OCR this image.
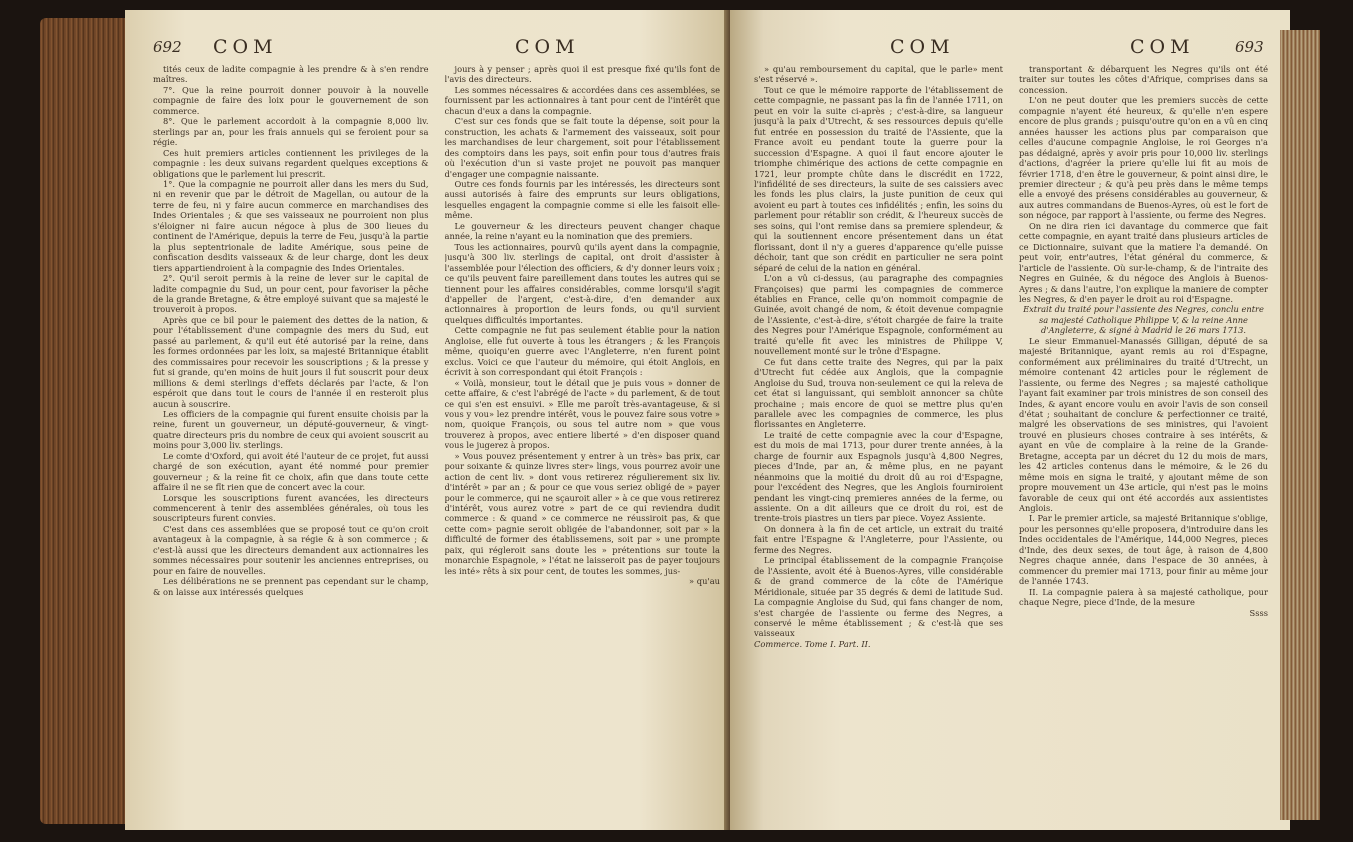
692 COM	COM

tités ceux de ladite compagnie à les prendre & à s'en rendre maîtres.

7°. Que la reine pourroit donner pouvoir à la nouvelle compagnie de faire des loix pour le gouvernement de son commerce.

8°. Que le parlement accordoit à la compagnie 8,000 liv. sterlings par an, pour les frais annuels qui se feroient pour sa régie.

Ces huit premiers articles contiennent les privileges de la compagnie : les deux suivans regardent quelques exceptions & obligations que le parlement lui prescrit.

1°. Que la compagnie ne pourroit aller dans les mers du Sud, ni en revenir que par le détroit de Magellan, ou autour de la terre de feu, ni y faire aucun commerce en marchandises des Indes Orientales ; & que ses vaisseaux ne pourroient non plus s'éloigner ni faire aucun négoce à plus de 300 lieues du continent de l'Amérique, depuis la terre de Feu, jusqu'à la partie la plus septentrionale de ladite Amérique, sous peine de confiscation desdits vaisseaux & de leur charge, dont les deux tiers appartiendroient à la compagnie des Indes Orientales.

2°. Qu'il seroit permis à la reine de lever sur le capital de ladite compagnie du Sud, un pour cent, pour favoriser la pêche de la grande Bretagne, & être employé suivant que sa majesté le trouveroit à propos.

Après que ce bil pour le paiement des dettes de la nation, & pour l'établissement d'une compagnie des mers du Sud, eut passé au parlement, & qu'il eut été autorisé par la reine, dans les formes ordonnées par les loix, sa majesté Britannique établit des commissaires pour recevoir les souscriptions ; & la presse y fut si grande, qu'en moins de huit jours il fut souscrit pour deux millions & demi sterlings d'effets déclarés par l'acte, & l'on espéroit que dans tout le cours de l'année il en resteroit plus aucun à souscrire.

Les officiers de la compagnie qui furent ensuite choisis par la reine, furent un gouverneur, un député-gouverneur, & vingt-quatre directeurs pris du nombre de ceux qui avoient souscrit au moins pour 3,000 liv. sterlings.

Le comte d'Oxford, qui avoit été l'auteur de ce projet, fut aussi chargé de son exécution, ayant été nommé pour premier gouverneur ; & la reine fit ce choix, afin que dans toute cette affaire il ne se fît rien que de concert avec la cour.

Lorsque les souscriptions furent avancées, les directeurs commencerent à tenir des assemblées générales, où tous les souscripteurs furent convies.

C'est dans ces assemblées que se proposé tout ce qu'on croit avantageux à la compagnie, à sa régie & à son commerce ; & c'est-là aussi que les directeurs demandent aux actionnaires les sommes nécessaires pour soutenir les anciennes entreprises, ou pour en faire de nouvelles.

Les délibérations ne se prennent pas cependant sur le champ, & on laisse aux intéressés quelques

jours à y penser ; après quoi il est presque fixé qu'ils font de l'avis des directeurs.

Les sommes nécessaires & accordées dans ces assemblées, se fournissent par les actionnaires à tant pour cent de l'intérêt que chacun d'eux a dans la compagnie.

C'est sur ces fonds que se fait toute la dépense, soit pour la construction, les achats & l'armement des vaisseaux, soit pour les marchandises de leur chargement, soit pour l'établissement des comptoirs dans les pays, soit enfin pour tous d'autres frais où l'exécution d'un si vaste projet ne pouvoit pas manquer d'engager une compagnie naissante.

Outre ces fonds fournis par les intéressés, les directeurs sont aussi autorisés à faire des emprunts sur leurs obligations, lesquelles engagent la compagnie comme si elle les faisoit elle-même.

Le gouverneur & les directeurs peuvent changer chaque année, la reine n'ayant eu la nomination que des premiers.

Tous les actionnaires, pourvû qu'ils ayent dans la compagnie, jusqu'à 300 liv. sterlings de capital, ont droit d'assister à l'assemblée pour l'élection des officiers, & d'y donner leurs voix ; ce qu'ils peuvent faire pareillement dans toutes les autres qui se tiennent pour les affaires considérables, comme lorsqu'il s'agit d'appeller de l'argent, c'est-à-dire, d'en demander aux actionnaires à proportion de leurs fonds, ou qu'il survient quelques difficultés importantes.

Cette compagnie ne fut pas seulement établie pour la nation Angloise, elle fut ouverte à tous les étrangers ; & les François même, quoiqu'en guerre avec l'Angleterre, n'en furent point exclus. Voici ce que l'auteur du mémoire, qui étoit Anglois, en écrivit à son correspondant qui étoit François :

« Voilà, monsieur, tout le détail que je puis vous » donner de cette affaire, & c'est l'abrégé de l'acte » du parlement, & de tout ce qui s'en est ensuivi. » Elle me paroît très-avantageuse, & si vous y vou» lez prendre intérêt, vous le pouvez faire sous votre » nom, quoique François, ou sous tel autre nom » que vous trouverez à propos, avec entiere liberté » d'en disposer quand vous le jugerez à propos.

» Vous pouvez présentement y entrer à un très» bas prix, car pour soixante & quinze livres ster» lings, vous pourrez avoir une action de cent liv. » dont vous retirerez régulierement six liv. d'intérêt » par an ; & pour ce que vous seriez obligé de » payer pour le commerce, qui ne sçauroit aller » à ce que vous retirerez d'intérêt, vous aurez votre » part de ce qui reviendra dudit commerce : & quand » ce commerce ne réussiroit pas, & que cette com» pagnie seroit obligée de l'abandonner, soit par » la difficulté de former des établissemens, soit par » une prompte paix, qui régleroit sans doute les » prétentions sur toute la monarchie Espagnole, » l'état ne laisseroit pas de payer toujours les inté» rêts à six pour cent, de toutes les sommes, jus-

» qu'au

COM	COM	693

» qu'au remboursement du capital, que le parle» ment s'est réservé ».

Tout ce que le mémoire rapporte de l'établissement de cette compagnie, ne passant pas la fin de l'année 1711, on peut en voir la suite ci-après ; c'est-à-dire, sa langueur jusqu'à la paix d'Utrecht, & ses ressources depuis qu'elle fut entrée en possession du traité de l'Assiente, que la France avoit eu pendant toute la guerre pour la succession d'Espagne. A quoi il faut encore ajouter le triomphe chimérique des actions de cette compagnie en 1721, leur prompte chûte dans le discrédit en 1722, l'infidélité de ses directeurs, la suite de ses caissiers avec les fonds les plus clairs, la juste punition de ceux qui avoient eu part à toutes ces infidélités ; enfin, les soins du parlement pour rétablir son crédit, & l'heureux succès de ses soins, qui l'ont remise dans sa premiere splendeur, & qui la soutiennent encore présentement dans un état florissant, dont il n'y a gueres d'apparence qu'elle puisse déchoir, tant que son crédit en particulier ne sera point séparé de celui de la nation en général.

L'on a vû ci-dessus, (au paragraphe des compagnies Françoises) que parmi les compagnies de commerce établies en France, celle qu'on nommoit compagnie de Guinée, avoit changé de nom, & étoit devenue compagnie de l'Assiente, c'est-à-dire, s'étoit chargée de faire la traite des Negres pour l'Amérique Espagnole, conformément au traité qu'elle fit avec les ministres de Philippe V, nouvellement monté sur le trône d'Espagne.

Ce fut dans cette traite des Negres, qui par la paix d'Utrecht fut cédée aux Anglois, que la compagnie Angloise du Sud, trouva non-seulement ce qui la releva de cet état si languissant, qui sembloit annoncer sa chûte prochaine ; mais encore de quoi se mettre plus qu'en parallele avec les compagnies de commerce, les plus florissantes en Angleterre.

Le traité de cette compagnie avec la cour d'Espagne, est du mois de mai 1713, pour durer trente années, à la charge de fournir aux Espagnols jusqu'à 4,800 Negres, pieces d'Inde, par an, & même plus, en ne payant néanmoins que la moitié du droit dû au roi d'Espagne, pour l'excédent des Negres, que les Anglois fourniroient pendant les vingt-cinq premieres années de la ferme, ou assiente. On a dit ailleurs que ce droit du roi, est de trente-trois piastres un tiers par piece. Voyez Assiente.

On donnera à la fin de cet article, un extrait du traité fait entre l'Espagne & l'Angleterre, pour l'Assiente, ou ferme des Negres.

Le principal établissement de la compagnie Françoise de l'Assiente, avoit été à Buenos-Ayres, ville considérable & de grand commerce de la côte de l'Amérique Méridionale, située par 35 degrés & demi de latitude Sud. La compagnie Angloise du Sud, qui fans changer de nom, s'est chargée de l'assiente ou ferme des Negres, a conservé le même établissement ; & c'est-là que ses vaisseaux

Commerce. Tome I. Part. II.

transportant & débarquent les Negres qu'ils ont été traiter sur toutes les côtes d'Afrique, comprises dans sa concession.

L'on ne peut douter que les premiers succès de cette compagnie n'ayent été heureux, & qu'elle n'en espere encore de plus grands ; puisqu'outre qu'on en a vû en cinq années hausser les actions plus par comparaison que celles d'aucune compagnie Angloise, le roi Georges n'a pas dédaigné, après y avoir pris pour 10,000 liv. sterlings d'actions, d'agréer la priere qu'elle lui fit au mois de février 1718, d'en être le gouverneur, & point ainsi dire, le premier directeur ; & qu'à peu près dans le même temps elle a envoyé des présens considérables au gouverneur, & aux autres commandans de Buenos-Ayres, où est le fort de son négoce, par rapport à l'assiente, ou ferme des Negres.

On ne dira rien ici davantage du commerce que fait cette compagnie, en ayant traité dans plusieurs articles de ce Dictionnaire, suivant que la matiere l'a demandé. On peut voir, entr'autres, l'état général du commerce, & l'article de l'assiente. Où sur-le-champ, & de l'intraite des Negres en Guinée, & du négoce des Anglois à Buenos-Ayres ; & dans l'autre, l'on explique la maniere de compter les Negres, & d'en payer le droit au roi d'Espagne.

Extrait du traité pour l'assiente des Negres, conclu entre sa majesté Catholique Philippe V, & la reine Anne d'Angleterre, & signé à Madrid le 26 mars 1713.

Le sieur Emmanuel-Manassés Gilligan, député de sa majesté Britannique, ayant remis au roi d'Espagne, conformément aux préliminaires du traité d'Utrecht, un mémoire contenant 42 articles pour le réglement de l'assiente, ou ferme des Negres ; sa majesté catholique l'ayant fait examiner par trois ministres de son conseil des Indes, & ayant encore voulu en avoir l'avis de son conseil d'état ; souhaitant de conclure & perfectionner ce traité, malgré les observations de ses ministres, qui l'avoient trouvé en plusieurs choses contraire à ses intérêts, & ayant en vûe de complaire à la reine de la Grande-Bretagne, accepta par un décret du 12 du mois de mars, les 42 articles contenus dans le mémoire, & le 26 du même mois en signa le traité, y ajoutant même de son propre mouvement un 43e article, qui n'est pas le moins favorable de ceux qui ont été accordés aux assientistes Anglois.

I. Par le premier article, sa majesté Britannique s'oblige, pour les personnes qu'elle proposera, d'introduire dans les Indes occidentales de l'Amérique, 144,000 Negres, pieces d'Inde, des deux sexes, de tout âge, à raison de 4,800 Negres chaque année, dans l'espace de 30 années, à commencer du premier mai 1713, pour finir au même jour de l'année 1743.

II. La compagnie paiera à sa majesté catholique, pour chaque Negre, piece d'Inde, de la mesure

Ssss
